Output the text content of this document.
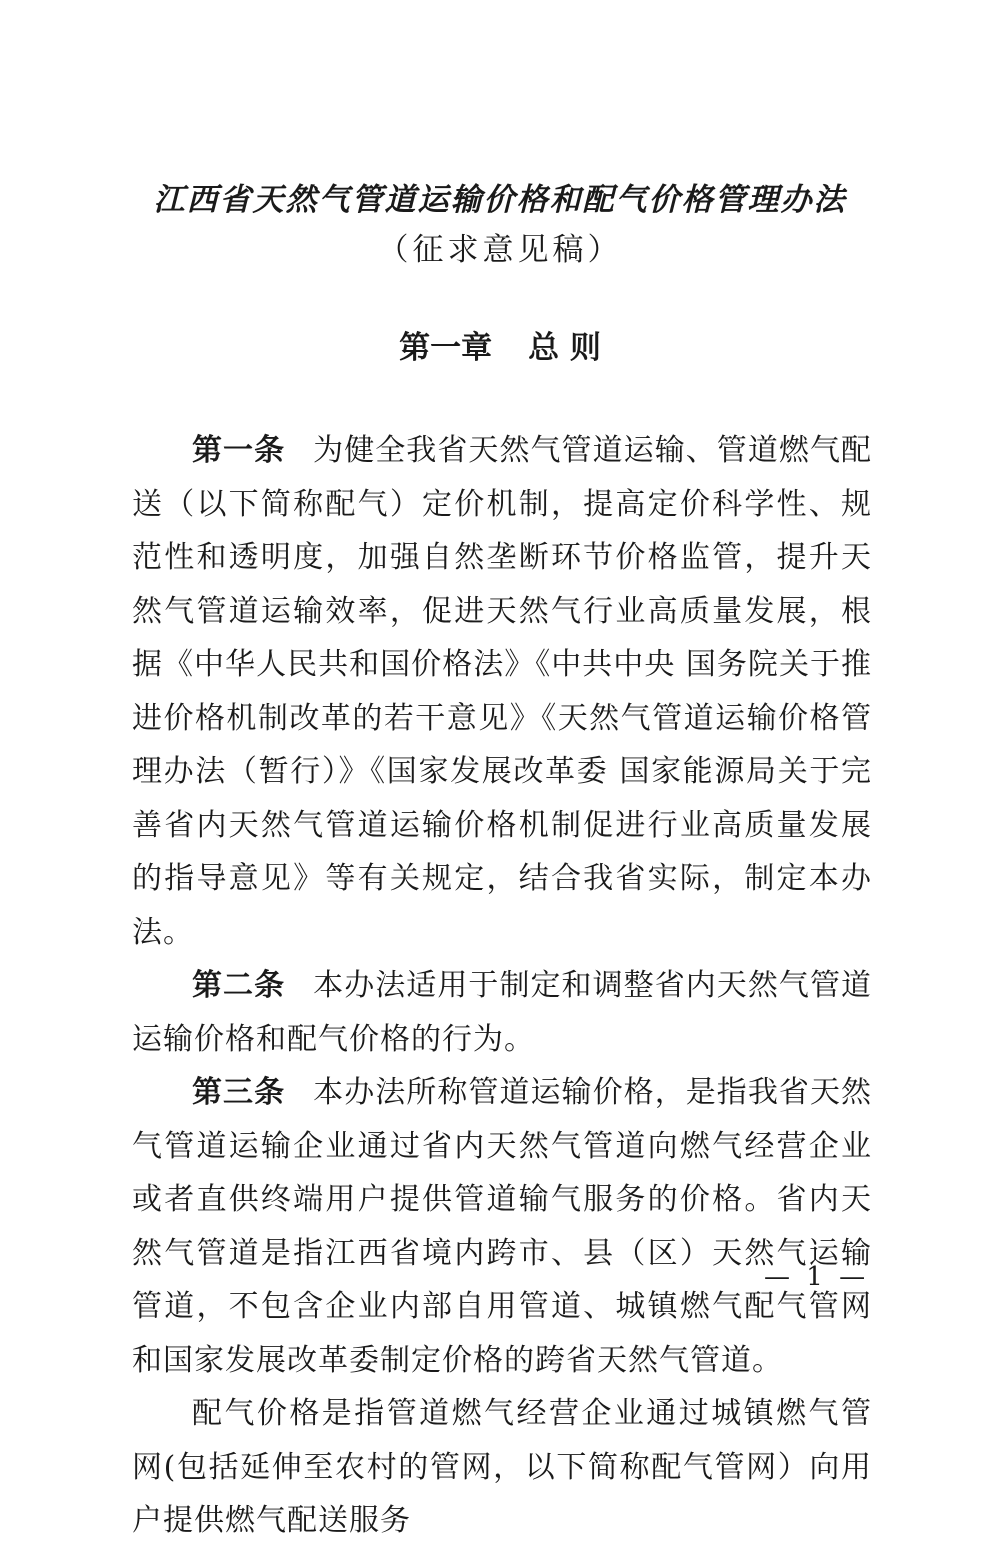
江西省天然气管道运输价格和配气价格管理办法
（征求意见稿）
第一章 总 则

第一条 为健全我省天然气管道运输、管道燃气配送（以下简称配气）定价机制，提高定价科学性、规范性和透明度，加强自然垄断环节价格监管，提升天然气管道运输效率，促进天然气行业高质量发展，根据《中华人民共和国价格法》《中共中央 国务院关于推进价格机制改革的若干意见》《天然气管道运输价格管理办法（暂行）》《国家发展改革委 国家能源局关于完善省内天然气管道运输价格机制促进行业高质量发展的指导意见》等有关规定，结合我省实际，制定本办法。

第二条 本办法适用于制定和调整省内天然气管道运输价格和配气价格的行为。

第三条 本办法所称管道运输价格，是指我省天然气管道运输企业通过省内天然气管道向燃气经营企业或者直供终端用户提供管道输气服务的价格。省内天然气管道是指江西省境内跨市、县（区）天然气运输管道，不包含企业内部自用管道、城镇燃气配气管网和国家发展改革委制定价格的跨省天然气管道。

配气价格是指管道燃气经营企业通过城镇燃气管网(包括延伸至农村的管网，以下简称配气管网）向用户提供燃气配送服务

— 1 —
